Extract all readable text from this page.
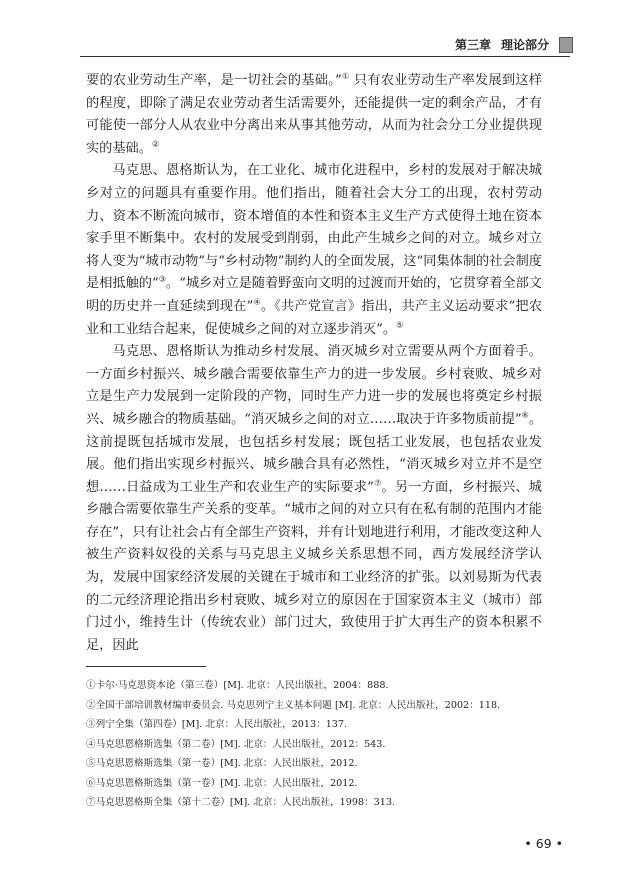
第三章 理论部分

要的农业劳动生产率，是一切社会的基础。”① 只有农业劳动生产率发展到这样的程度，即除了满足农业劳动者生活需要外，还能提供一定的剩余产品，才有可能使一部分人从农业中分离出来从事其他劳动，从而为社会分工分业提供现实的基础。②

马克思、恩格斯认为，在工业化、城市化进程中，乡村的发展对于解决城乡对立的问题具有重要作用。他们指出，随着社会大分工的出现，农村劳动力、资本不断流向城市，资本增值的本性和资本主义生产方式使得土地在资本家手里不断集中。农村的发展受到削弱，由此产生城乡之间的对立。城乡对立将人变为“城市动物”与“乡村动物”制约人的全面发展，这“同集体制的社会制度是相抵触的”③。“城乡对立是随着野蛮向文明的过渡而开始的，它贯穿着全部文明的历史并一直延续到现在”④。《共产党宣言》指出，共产主义运动要求“把农业和工业结合起来，促使城乡之间的对立逐步消灭”。⑤

马克思、恩格斯认为推动乡村发展、消灭城乡对立需要从两个方面着手。一方面乡村振兴、城乡融合需要依靠生产力的进一步发展。乡村衰败、城乡对立是生产力发展到一定阶段的产物，同时生产力进一步的发展也将奠定乡村振兴、城乡融合的物质基础。“消灭城乡之间的对立……取决于许多物质前提”⑥。这前提既包括城市发展，也包括乡村发展；既包括工业发展，也包括农业发展。他们指出实现乡村振兴、城乡融合具有必然性，“消灭城乡对立并不是空想……日益成为工业生产和农业生产的实际要求”⑦。另一方面，乡村振兴、城乡融合需要依靠生产关系的变革。“城市之间的对立只有在私有制的范围内才能存在”，只有让社会占有全部生产资料，并有计划地进行利用，才能改变这种人被生产资料奴役的关系与马克思主义城乡关系思想不同，西方发展经济学认为，发展中国家经济发展的关键在于城市和工业经济的扩张。以刘易斯为代表的二元经济理论指出乡村衰败、城乡对立的原因在于国家资本主义（城市）部门过小，维持生计（传统农业）部门过大，致使用于扩大再生产的资本积累不足，因此

①卡尔·马克思资本论（第三卷）[M]. 北京：人民出版社，2004：888.

②全国干部培训教材编审委员会. 马克思列宁主义基本问题 [M]. 北京：人民出版社，2002：118.

③列宁全集（第四卷）[M]. 北京：人民出版社，2013：137.

④马克思恩格斯选集（第二卷）[M]. 北京：人民出版社，2012：543.

⑤马克思恩格斯选集（第一卷）[M]. 北京：人民出版社，2012.

⑥马克思恩格斯选集（第一卷）[M]. 北京：人民出版社，2012.

⑦马克思恩格斯全集（第十二卷）[M]. 北京：人民出版社，1998：313.

• 69 •
